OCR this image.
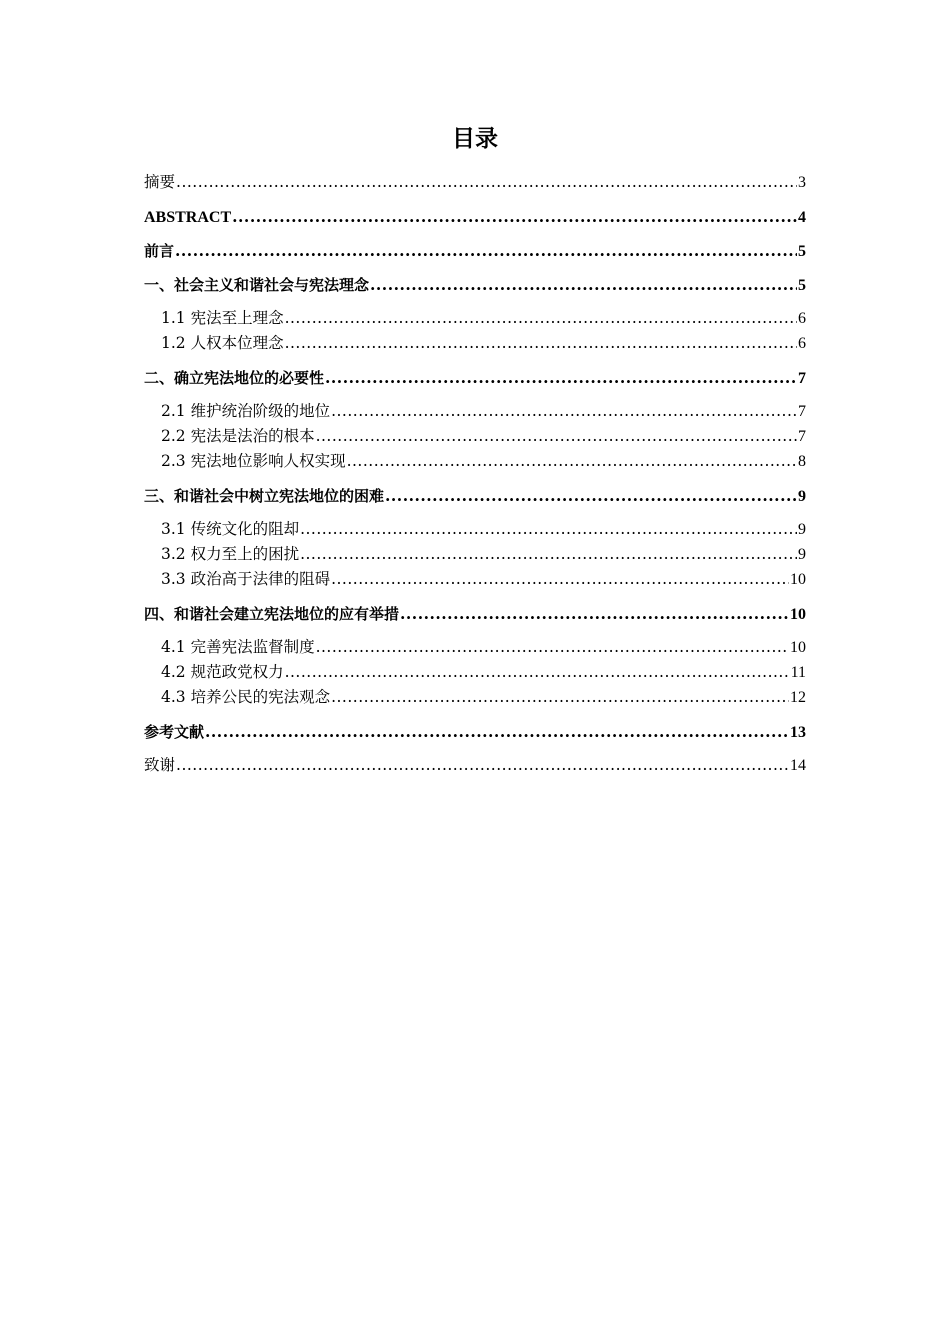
目录
摘要 .....	3
ABSTRACT .....	4
前言 .....	5
一、社会主义和谐社会与宪法理念 .....	5
1.1 宪法至上理念 .....	6
1.2 人权本位理念 .....	6
二、确立宪法地位的必要性 .....	7
2.1 维护统治阶级的地位 .....	7
2.2 宪法是法治的根本 .....	7
2.3 宪法地位影响人权实现 .....	8
三、和谐社会中树立宪法地位的困难 .....	9
3.1 传统文化的阻却 .....	9
3.2 权力至上的困扰 .....	9
3.3 政治高于法律的阻碍 .....	10
四、和谐社会建立宪法地位的应有举措 .....	10
4.1 完善宪法监督制度 .....	10
4.2 规范政党权力 .....	11
4.3 培养公民的宪法观念 .....	12
参考文献 .....	13
致谢 .....	14
